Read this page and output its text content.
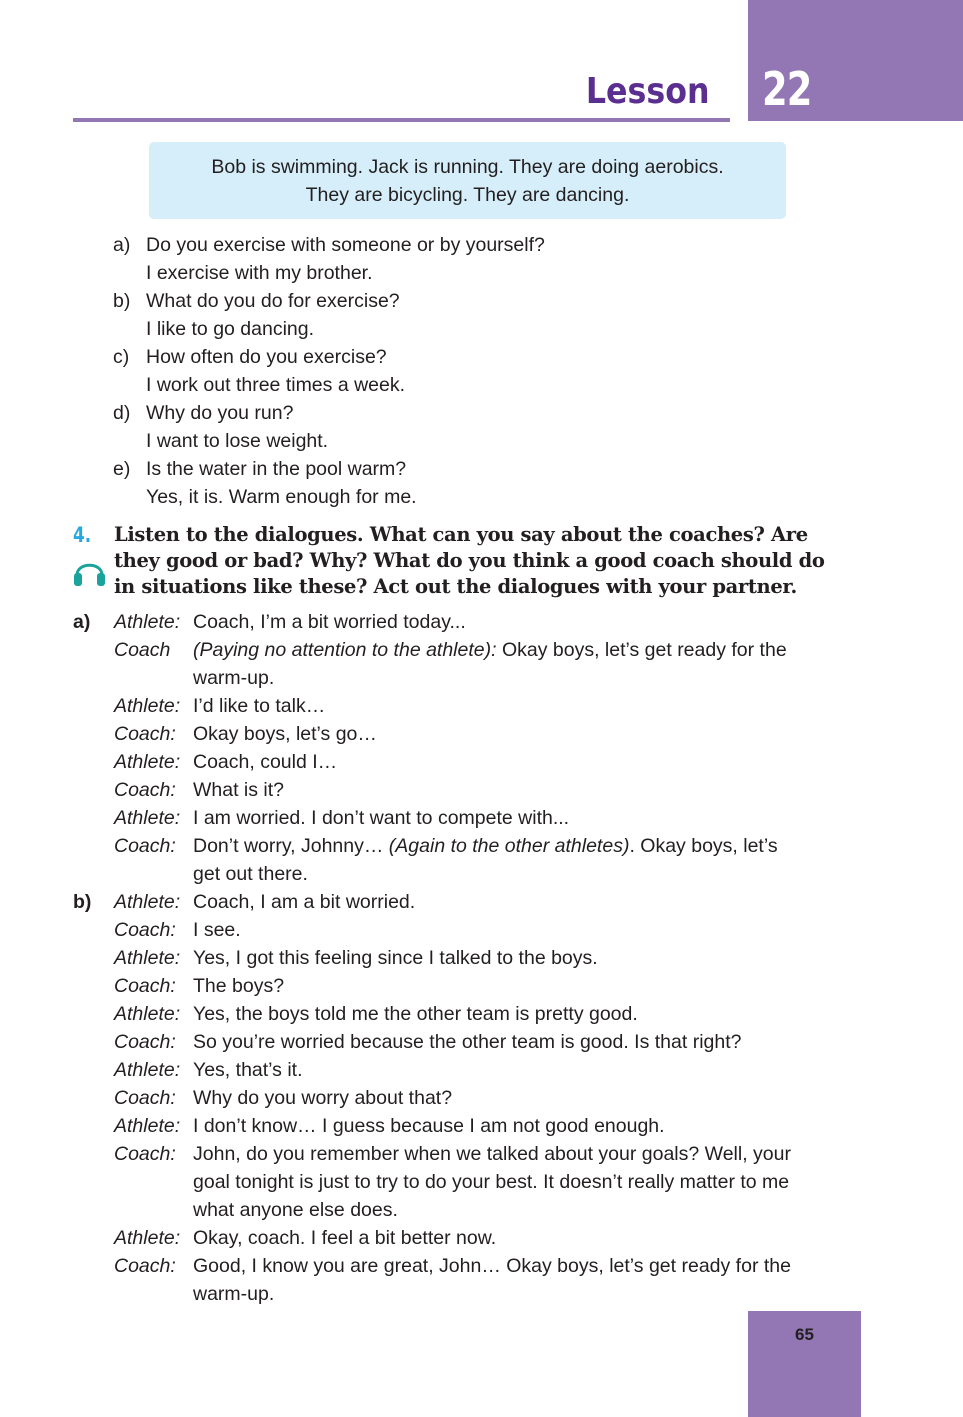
22
Lesson
Bob is swimming. Jack is running. They are doing aerobics.
They are bicycling. They are dancing.
a) Do you exercise with someone or by yourself?
I exercise with my brother.
b) What do you do for exercise?
I like to go dancing.
c) How often do you exercise?
I work out three times a week.
d) Why do you run?
I want to lose weight.
e) Is the water in the pool warm?
Yes, it is. Warm enough for me.
4. Listen to the dialogues. What can you say about the coaches? Are
they good or bad? Why? What do you think a good coach should do
in situations like these? Act out the dialogues with your partner.
a) Athlete: Coach, I’m a bit worried today...
Coach	(Paying no attention to the athlete): Okay boys, let’s get ready for the
warm-up.
Athlete: I’d like to talk…
Coach: Okay boys, let’s go…
Athlete: Coach, could I…
Coach: What is it?
Athlete: I am worried. I don’t want to compete with...
Coach: Don’t worry, Johnny… (Again to the other athletes). Okay boys, let’s
get out there.
b) Athlete: Coach, I am a bit worried.
Coach: I see.
Athlete: Yes, I got this feeling since I talked to the boys.
Coach: The boys?
Athlete: Yes, the boys told me the other team is pretty good.
Coach: So you’re worried because the other team is good. Is that right?
Athlete: Yes, that’s it.
Coach: Why do you worry about that?
Athlete: I don’t know… I guess because I am not good enough.
Coach: John, do you remember when we talked about your goals? Well, your
goal tonight is just to try to do your best. It doesn’t really matter to me
what anyone else does.
Athlete: Okay, coach. I feel a bit better now.
Coach: Good, I know you are great, John… Okay boys, let’s get ready for the
warm-up.
65
